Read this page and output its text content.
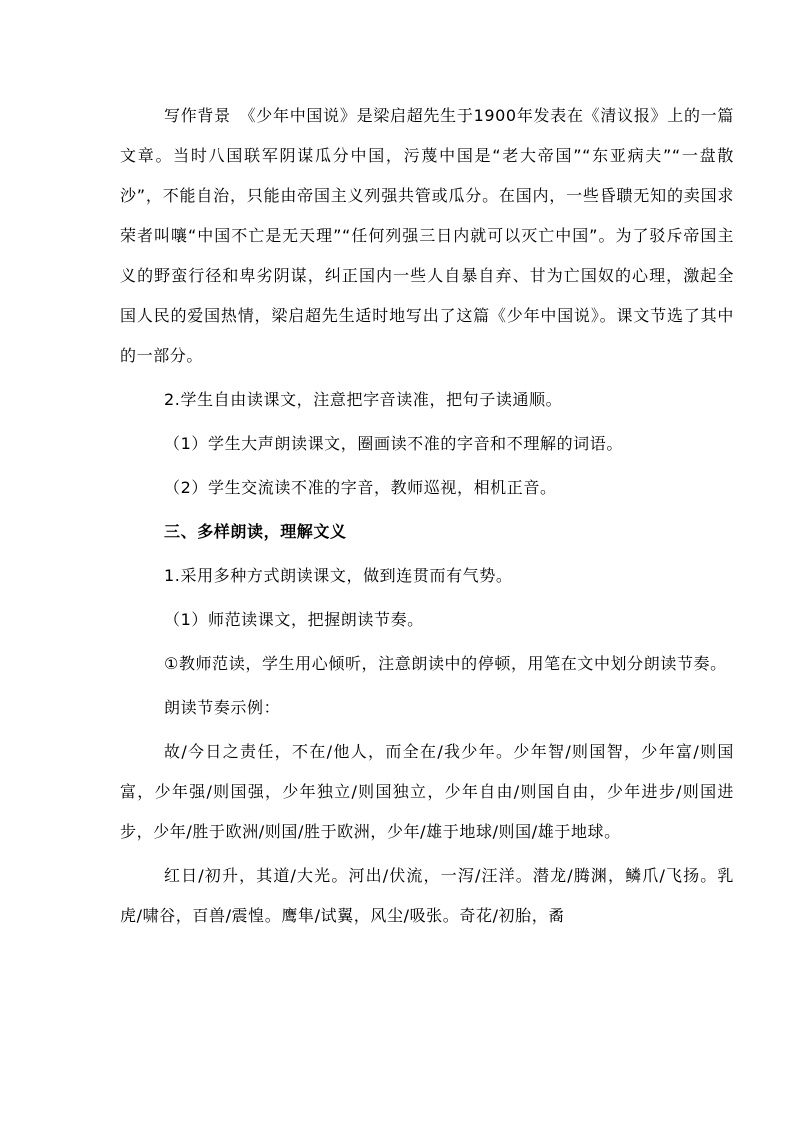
写作背景　《少年中国说》是梁启超先生于1900年发表在《清议报》上的一篇文章。当时八国联军阴谋瓜分中国，污蔑中国是“老大帝国”“东亚病夫”“一盘散沙”，不能自治，只能由帝国主义列强共管或瓜分。在国内，一些昏聩无知的卖国求荣者叫嚷“中国不亡是无天理”“任何列强三日内就可以灭亡中国”。为了驳斥帝国主义的野蛮行径和卑劣阴谋，纠正国内一些人自暴自弃、甘为亡国奴的心理，激起全国人民的爱国热情，梁启超先生适时地写出了这篇《少年中国说》。课文节选了其中的一部分。

2.学生自由读课文，注意把字音读准，把句子读通顺。

（1）学生大声朗读课文，圈画读不准的字音和不理解的词语。

（2）学生交流读不准的字音，教师巡视，相机正音。

三、多样朗读，理解文义

1.采用多种方式朗读课文，做到连贯而有气势。

（1）师范读课文，把握朗读节奏。

①教师范读，学生用心倾听，注意朗读中的停顿，用笔在文中划分朗读节奏。

朗读节奏示例：

故/今日之责任，不在/他人，而全在/我少年。少年智/则国智，少年富/则国富，少年强/则国强，少年独立/则国独立，少年自由/则国自由，少年进步/则国进步，少年/胜于欧洲/则国/胜于欧洲，少年/雄于地球/则国/雄于地球。

红日/初升，其道/大光。河出/伏流，一泻/汪洋。潜龙/腾渊，鳞爪/飞扬。乳虎/啸谷，百兽/震惶。鹰隼/试翼，风尘/吸张。奇花/初胎，矞
